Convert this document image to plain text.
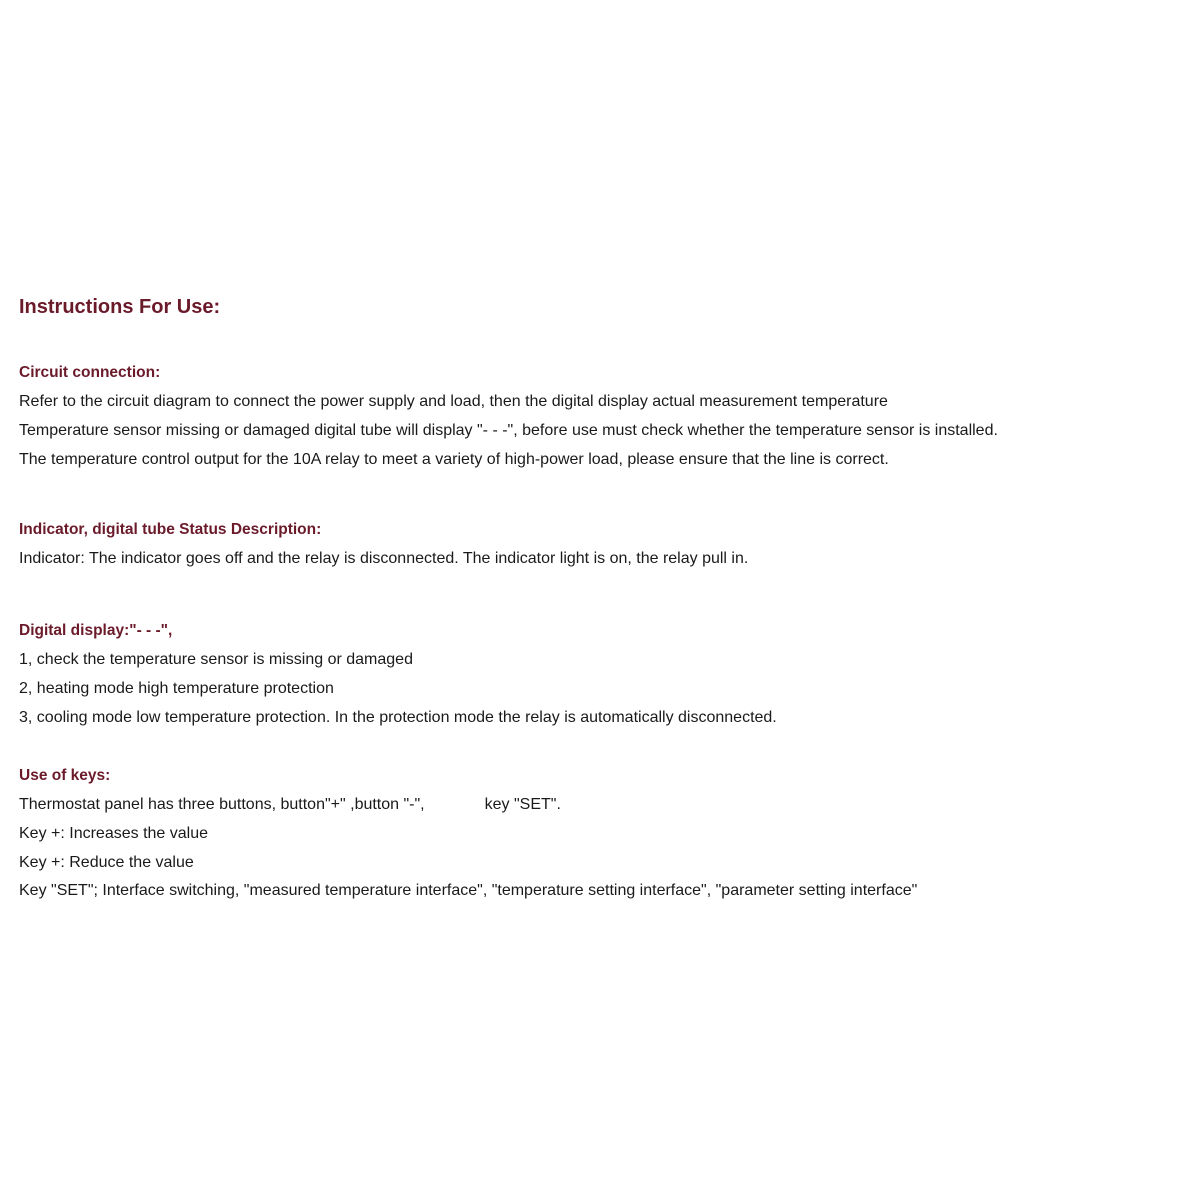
Instructions For Use:
Circuit connection:
Refer to the circuit diagram to connect the power supply and load, then the digital display actual measurement temperature
Temperature sensor missing or damaged digital tube will display "- - -", before use must check whether the temperature sensor is installed.
The temperature control output for the 10A relay to meet a variety of high-power load, please ensure that the line is correct.
Indicator, digital tube Status Description:
Indicator: The indicator goes off and the relay is disconnected. The indicator light is on, the relay pull in.
Digital display:"- - -",
1, check the temperature sensor is missing or damaged
2, heating mode high temperature protection
3, cooling mode low temperature protection. In the protection mode the relay is automatically disconnected.
Use of keys:
Thermostat panel has three buttons, button"+" ,button "-",	key "SET".
Key +: Increases the value
Key +: Reduce the value
Key "SET"; Interface switching, "measured temperature interface", "temperature setting interface", "parameter setting interface"
